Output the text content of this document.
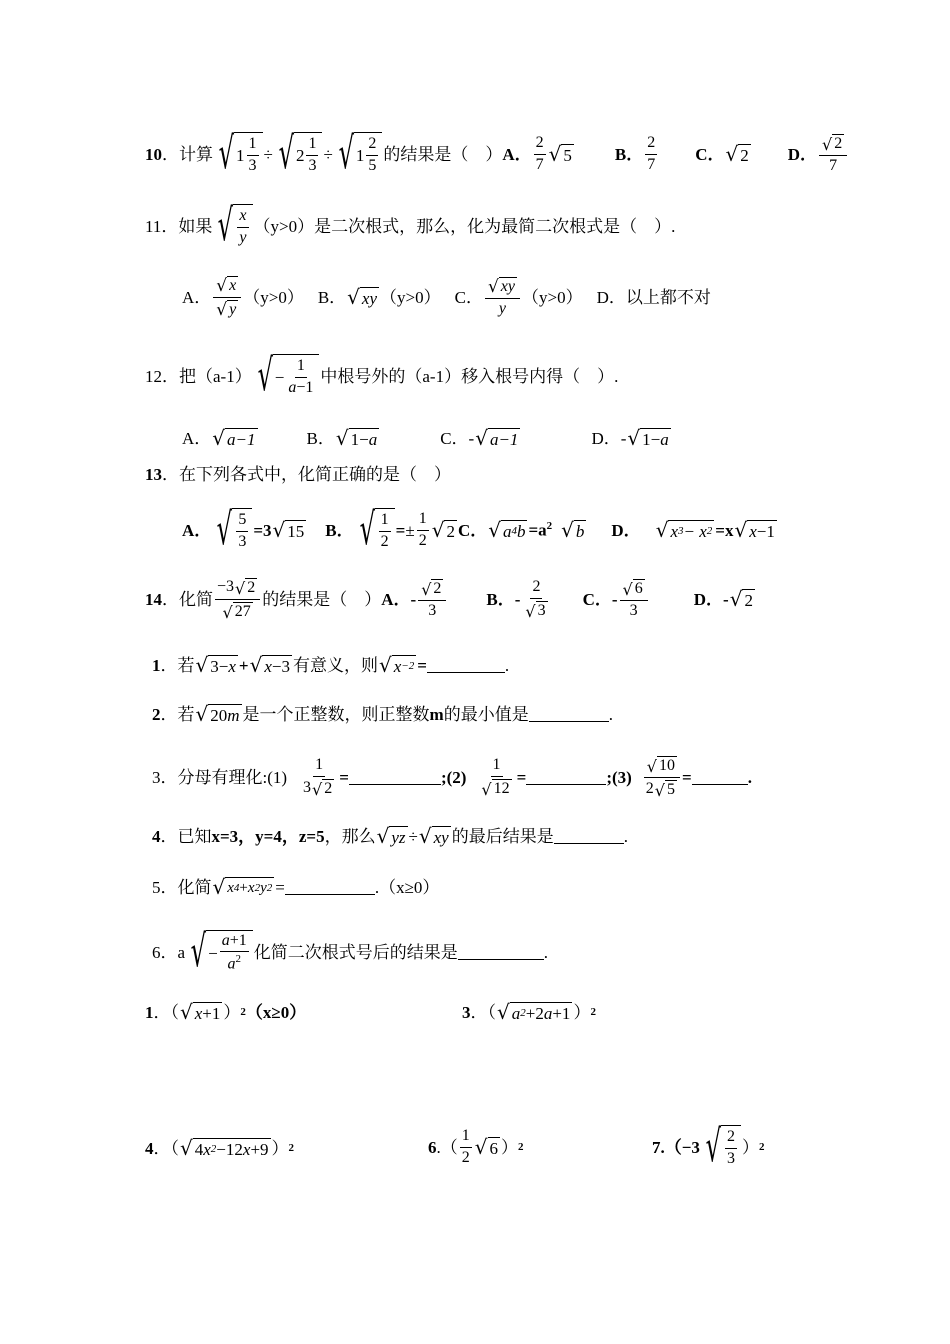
10 ．计算 √ $1 \frac{1}{3}$ ÷ √ $2 \frac{1}{3}$ ÷ √ $1 \frac{2}{5}$ 的结果是（　） A． $\frac{2}{7}$ √ 5	B． $\frac{2}{7}$ C． √ 2 D． $\frac{√ 2}{7}$
11 ．如果 √ $\frac{x}{y} (y>0)$是二次根式，那么，化为最简二次根式是（　）.
A． $\frac{√ x}{√ y} (y>0)$ B． √ xy （y>0） C． $\frac{√ xy}{y} (y>0)$ D．以上都不对
12 ．把（a-1） √ − $\frac{1}{a-1}$ 中根号外的（a-1）移入根号内得（　）.
A． √ a −1	B． √ 1− a	C．- √ a −1	D．- √ 1− a
13 ．在下列各式中，化简正确的是（　）
A． √ $\frac{5}{3} =3$ √ 15 B． √ $\frac{1}{2}$ = ± $\frac{1}{2}$ √ 2 C． √ a 4 $b =a^2$ √ b D． √ x 3 − x 2 =x √ x −1
14 ．化简 $\frac{-3 √ 2}{√ 27}$ 的结果是（　） A．- $\frac{√ 2}{3}$ B．- $\frac{2}{√ 3}$ C．- $\frac{√ 6}{3}$	D．- √ 2
1 ．若 √ 3− x + √ x −3 有意义，则 √ x −2 =	.
2 ．若 √ 20 m 是一个正整数，则正整数 m 的最小值是	.
3 ．分母有理化:(1) $\frac{1}{3 √ 2}$ =	;(2) $\frac{1}{√ 12}$ =	;(3) $\frac{√ 10}{2 √ 5}$ =	.
4 ．已知 x=3，y=4，z=5 ，那么 √ yz ÷ √ xy 的最后结果是	.
5 ．化简 √ x 4 + x 2 y 2 =	.（x≥0）
6 ．a √ − $\frac{a+1}{a^2}$ 化简二次根式号后的结果是	.
1 ．（ √ x +1 ） 2 （x≥0）	3 ．（ √ a 2 +2 a +1 ） 2
4 ．（ √ 4 x 2 −12 x +9 ） 2	6 .（ $\frac{1}{2}$ √ 6 ） 2	7 .（−3 √ $\frac{2}{3}$ ） 2
